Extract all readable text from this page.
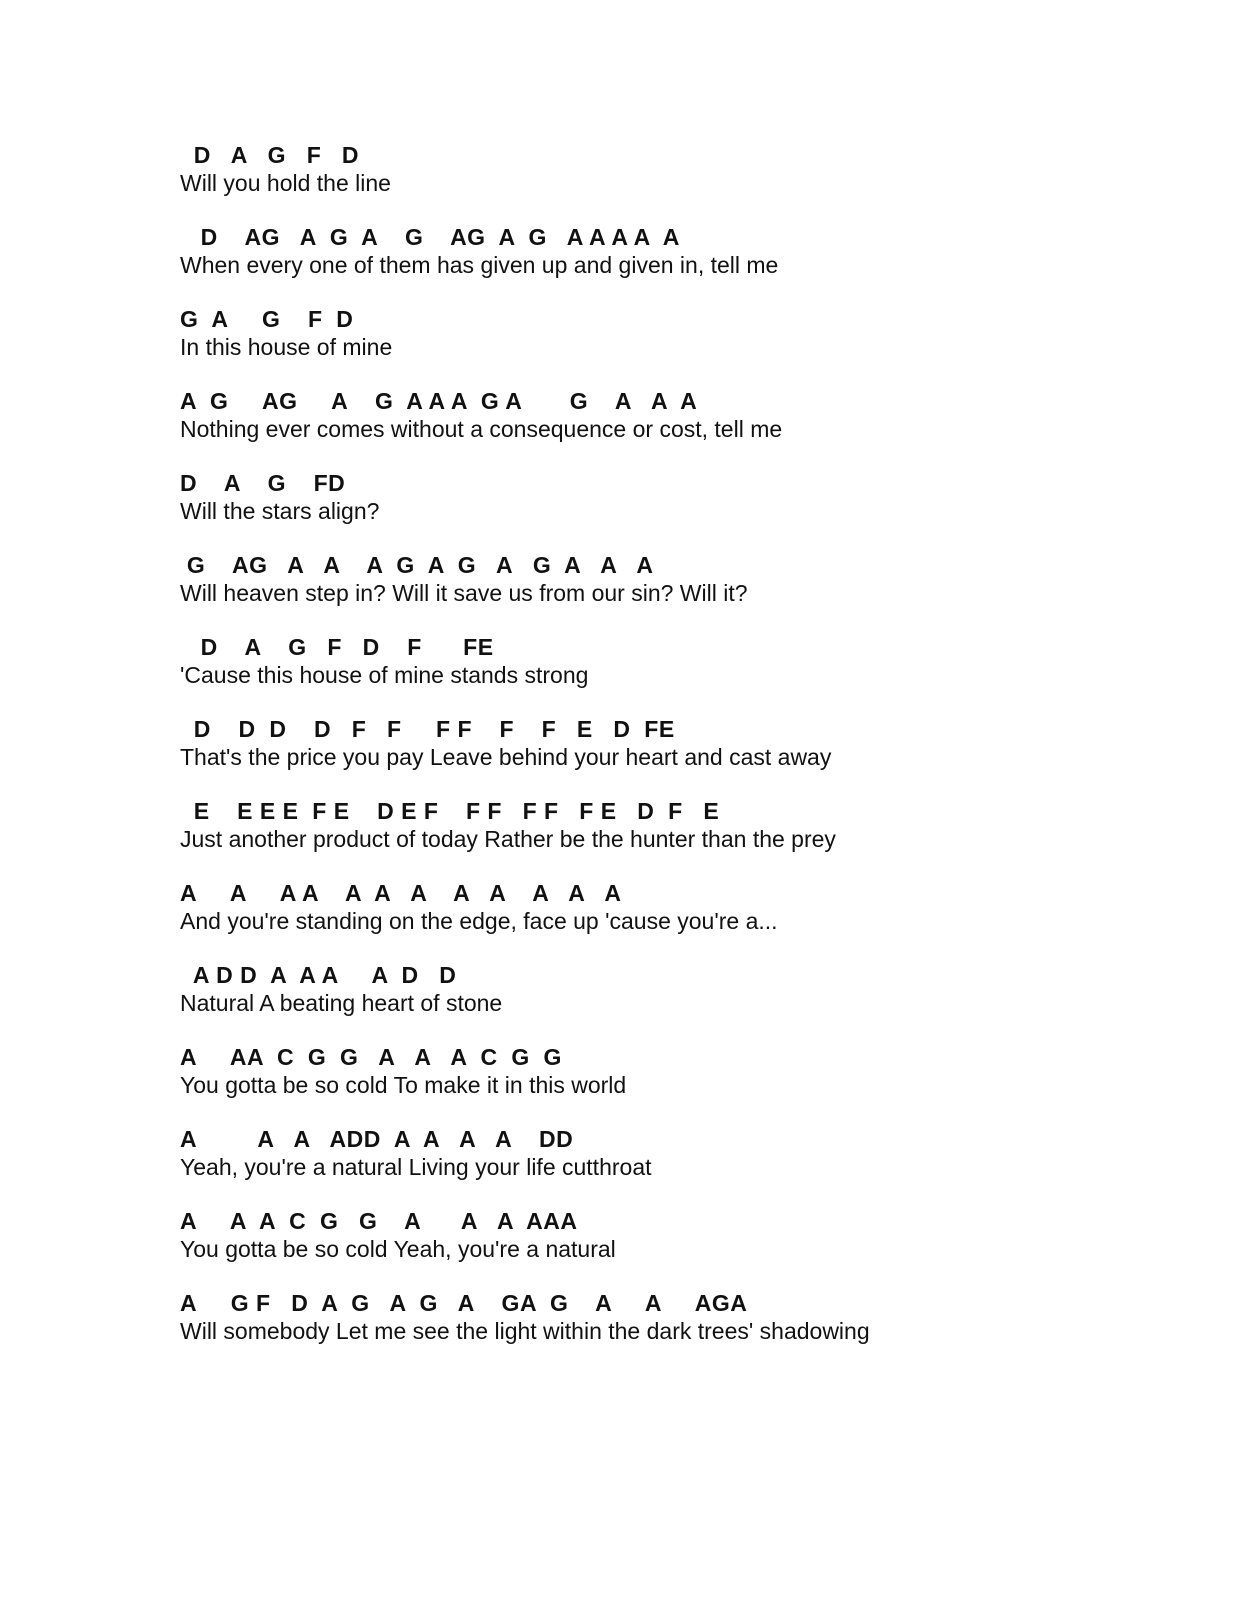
D   A   G   F   D
Will you hold the line
D    AG   A  G  A    G    AG  A  G   A A A A  A
When every one of them has given up and given in, tell me
G  A     G    F  D
In this house of mine
A  G     AG     A    G  A A A  G A       G    A   A  A
Nothing ever comes without a consequence or cost, tell me
D    A    G    FD
Will the stars align?
G    AG   A   A    A  G  A  G   A   G  A   A   A
Will heaven step in? Will it save us from our sin? Will it?
D    A    G   F   D    F      FE
'Cause this house of mine stands strong
D    D  D    D   F   F     F F    F    F   E   D  FE
That's the price you pay Leave behind your heart and cast away
E    E E E  F E    D E F    F F   F F   F E   D  F   E
Just another product of today Rather be the hunter than the prey
A     A     A A    A  A   A    A   A    A   A   A
And you're standing on the edge, face up 'cause you're a...
A D D  A  A A     A  D   D
Natural A beating heart of stone
A     AA  C  G  G   A   A   A  C  G  G
You gotta be so cold To make it in this world
A         A   A   ADD  A  A   A   A    DD
Yeah, you're a natural Living your life cutthroat
A     A  A  C  G   G    A      A   A  AAA
You gotta be so cold Yeah, you're a natural
A     G F   D  A  G   A  G   A    GA  G    A     A     AGA
Will somebody Let me see the light within the dark trees' shadowing
